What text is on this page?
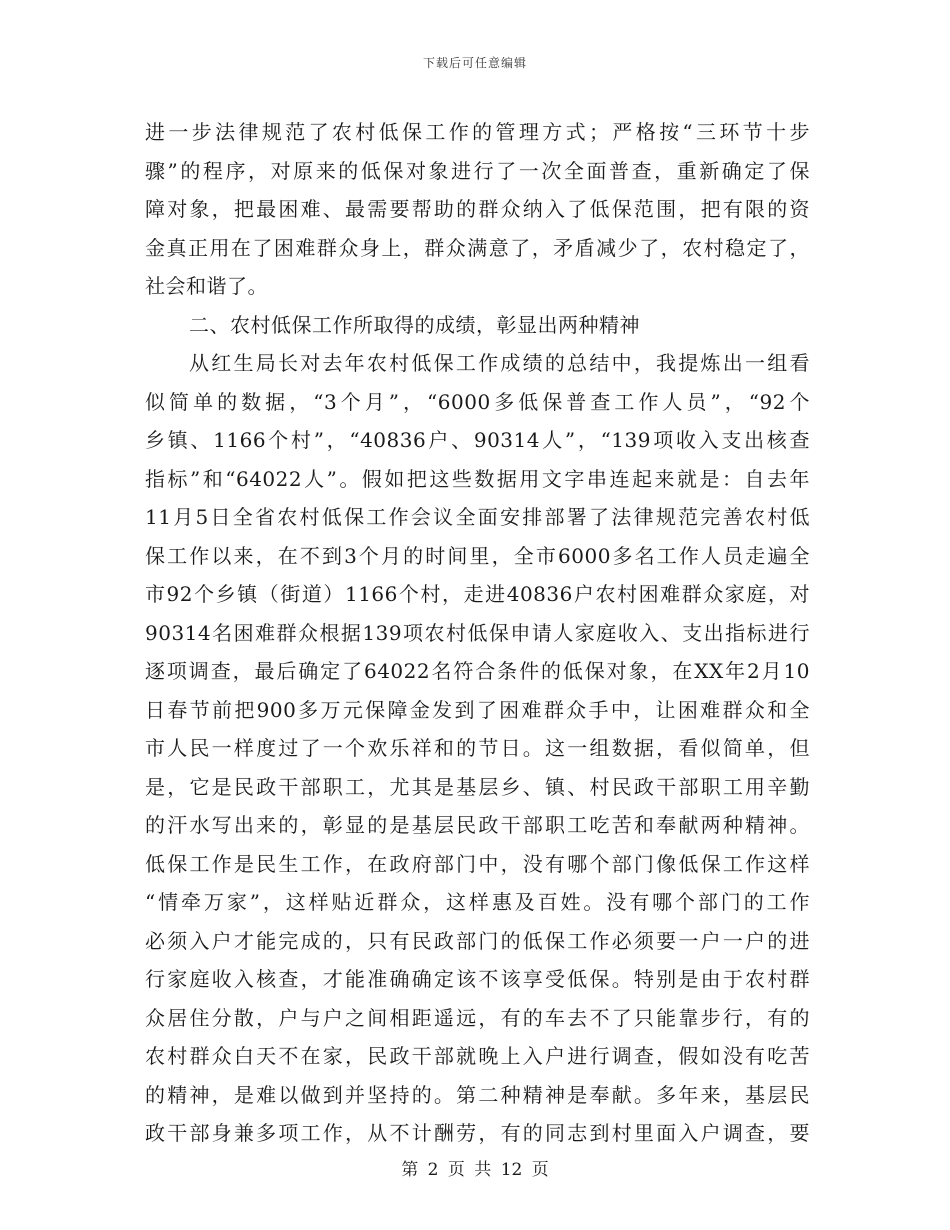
下载后可任意编辑
进一步法律规范了农村低保工作的管理方式；严格按“三环节十步
骤”的程序，对原来的低保对象进行了一次全面普查，重新确定了保
障对象，把最困难、最需要帮助的群众纳入了低保范围，把有限的资
金真正用在了困难群众身上，群众满意了，矛盾减少了，农村稳定了，
社会和谐了。
二、农村低保工作所取得的成绩，彰显出两种精神
从红生局长对去年农村低保工作成绩的总结中，我提炼出一组看
似简单的数据，“3个月”，“6000多低保普查工作人员”，“92个
乡镇、1166个村”，“40836户、90314人”，“139项收入支出核查
指标”和“64022人”。假如把这些数据用文字串连起来就是：自去年
11月5日全省农村低保工作会议全面安排部署了法律规范完善农村低
保工作以来，在不到3个月的时间里，全市6000多名工作人员走遍全
市92个乡镇（街道）1166个村，走进40836户农村困难群众家庭，对
90314名困难群众根据139项农村低保申请人家庭收入、支出指标进行
逐项调查，最后确定了64022名符合条件的低保对象，在XX年2月10
日春节前把900多万元保障金发到了困难群众手中，让困难群众和全
市人民一样度过了一个欢乐祥和的节日。这一组数据，看似简单，但
是，它是民政干部职工，尤其是基层乡、镇、村民政干部职工用辛勤
的汗水写出来的，彰显的是基层民政干部职工吃苦和奉献两种精神。
低保工作是民生工作，在政府部门中，没有哪个部门像低保工作这样
“情牵万家”，这样贴近群众，这样惠及百姓。没有哪个部门的工作
必须入户才能完成的，只有民政部门的低保工作必须要一户一户的进
行家庭收入核查，才能准确确定该不该享受低保。特别是由于农村群
众居住分散，户与户之间相距遥远，有的车去不了只能靠步行，有的
农村群众白天不在家，民政干部就晚上入户进行调查，假如没有吃苦
的精神，是难以做到并坚持的。第二种精神是奉献。多年来，基层民
政干部身兼多项工作，从不计酬劳，有的同志到村里面入户调查，要
第 2 页 共 12 页
